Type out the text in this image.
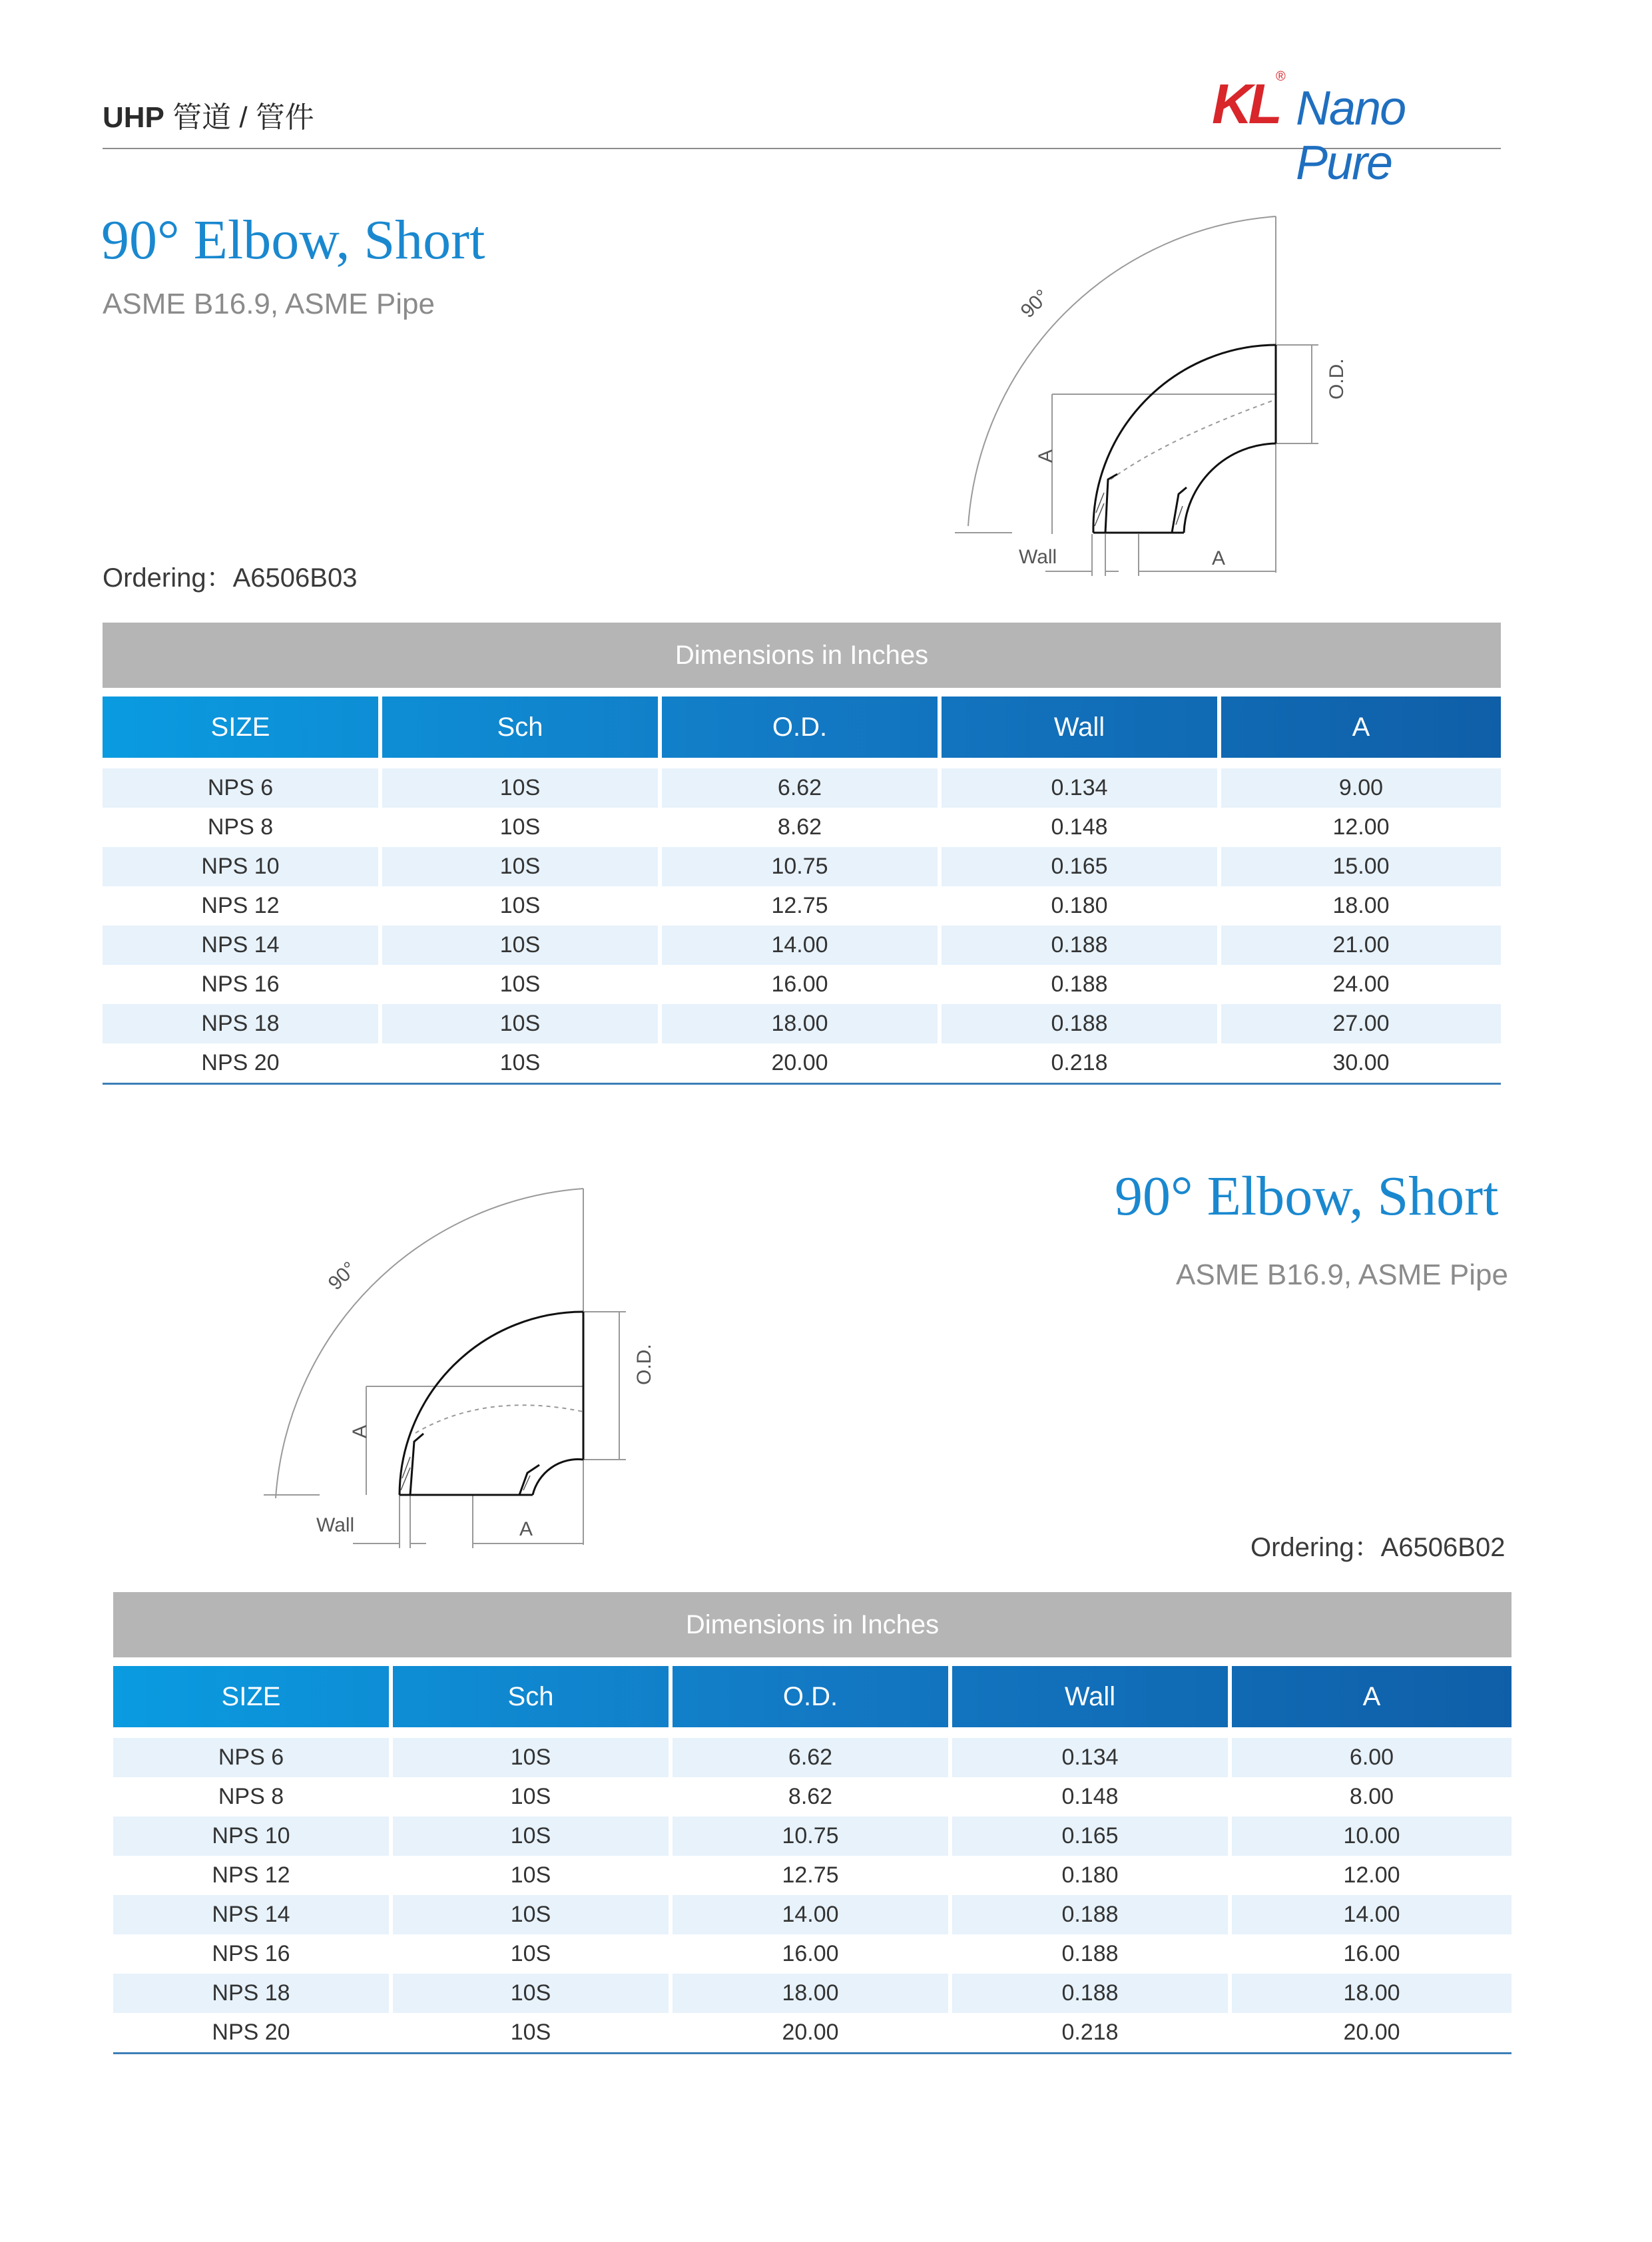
UHP 管道 / 管件	KL
®
Nano Pure
90° Elbow, Short
ASME B16.9, ASME Pipe
Ordering：A6506B03
90°
O.D.
A
Wall	A
Dimensions in Inches
SIZE	Sch	O.D.	Wall	A
NPS 6	10S	6.62	0.134	9.00
NPS 8	10S	8.62	0.148	12.00
NPS 10	10S	10.75	0.165	15.00
NPS 12	10S	12.75	0.180	18.00
NPS 14	10S	14.00	0.188	21.00
NPS 16	10S	16.00	0.188	24.00
NPS 18	10S	18.00	0.188	27.00
NPS 20	10S	20.00	0.218	30.00
90° Elbow, Short
ASME B16.9, ASME Pipe
Ordering：A6506B02
90°
O.D.
A
Wall	A
Dimensions in Inches
SIZE	Sch	O.D.	Wall	A
NPS 6	10S	6.62	0.134	6.00
NPS 8	10S	8.62	0.148	8.00
NPS 10	10S	10.75	0.165	10.00
NPS 12	10S	12.75	0.180	12.00
NPS 14	10S	14.00	0.188	14.00
NPS 16	10S	16.00	0.188	16.00
NPS 18	10S	18.00	0.188	18.00
NPS 20	10S	20.00	0.218	20.00
